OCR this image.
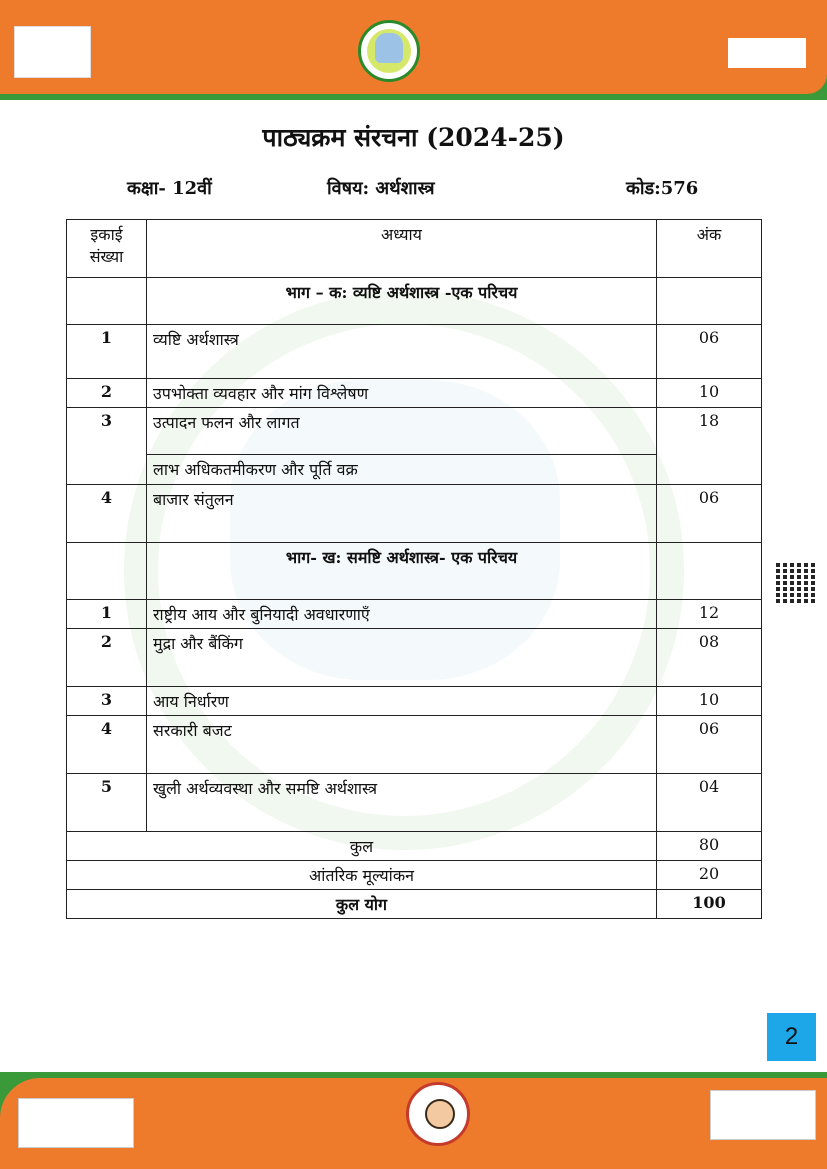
पाठ्यक्रम संरचना (2024-25)
कक्षा- 12वीं	विषय: अर्थशास्त्र	कोड:576
इकाई संख्या	अध्याय	अंक
	भाग – क: व्यष्टि अर्थशास्त्र -एक परिचय	
1	व्यष्टि अर्थशास्त्र	06
2	उपभोक्ता व्यवहार और मांग विश्लेषण	10
3	उत्पादन फलन और लागत	18
	लाभ अधिकतमीकरण और पूर्ति वक्र	
4	बाजार संतुलन	06
	भाग- ख: समष्टि अर्थशास्त्र- एक परिचय	
1	राष्ट्रीय आय और बुनियादी अवधारणाएँ	12
2	मुद्रा और बैंकिंग	08
3	आय निर्धारण	10
4	सरकारी बजट	06
5	खुली अर्थव्यवस्था और समष्टि अर्थशास्त्र	04
कुल		80
आंतरिक मूल्यांकन		20
कुल योग		100
2
